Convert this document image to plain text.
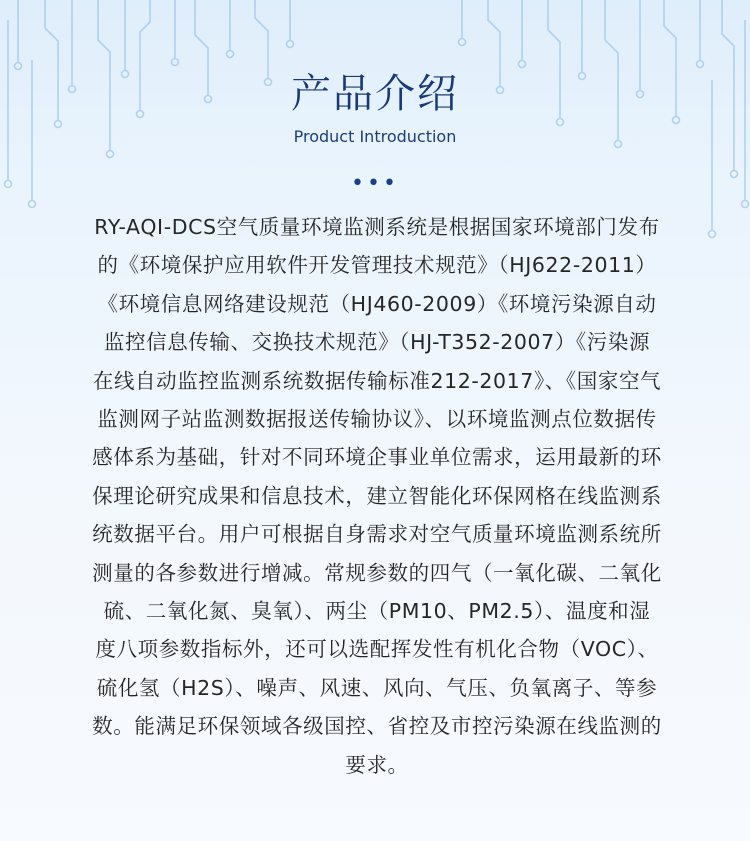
产品介绍
Product Introduction
•••
RY-AQI-DCS空气质量环境监测系统是根据国家环境部门发布
的《环境保护应用软件开发管理技术规范》（HJ622-2011）
《环境信息网络建设规范（HJ460-2009）《环境污染源自动
监控信息传输、交换技术规范》（HJ-T352-2007）《污染源
在线自动监控监测系统数据传输标准212-2017》、《国家空气
监测网子站监测数据报送传输协议》、以环境监测点位数据传
感体系为基础，针对不同环境企事业单位需求，运用最新的环
保理论研究成果和信息技术，建立智能化环保网格在线监测系
统数据平台。用户可根据自身需求对空气质量环境监测系统所
测量的各参数进行增减。常规参数的四气（一氧化碳、二氧化
硫、二氧化氮、臭氧）、两尘（PM10、PM2.5）、温度和湿
度八项参数指标外，还可以选配挥发性有机化合物（VOC）、
硫化氢（H2S）、噪声、风速、风向、气压、负氧离子、等参
数。能满足环保领域各级国控、省控及市控污染源在线监测的
要求。
